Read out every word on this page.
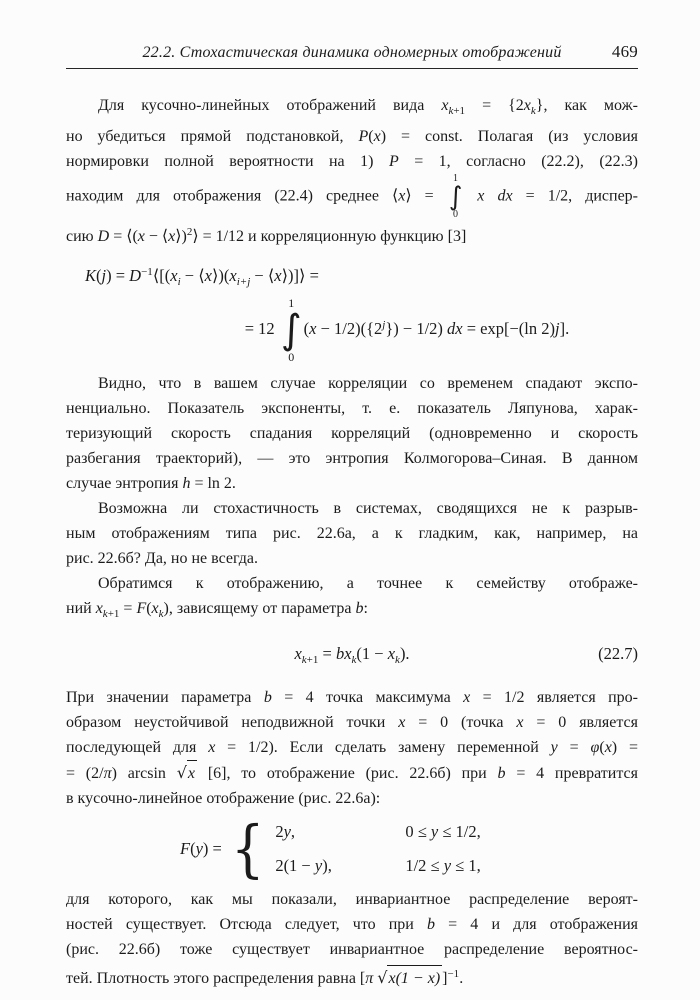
22.2. Стохастическая динамика одномерных отображений	469
Для кусочно-линейных отображений вида $x_{k+1} = \{2x_k\}$, как мож-
но убедиться прямой подстановкой, P(x) = const. Полагая (из условия
нормировки полной вероятности на 1) P = 1, согласно (22.2), (22.3)
находим для отображения (22.4) среднее ⟨x⟩ =
1
∫
0
x dx = 1/2, диспер-
сию D = ⟨(x − ⟨x⟩)$^2$⟩ = 1/12 и корреляционную функцию [3]
$K(j) = D^{-1}⟨[(x_i$ − $⟨x⟩)(x_{i+j}$ − ⟨x⟩)]⟩ =
= 12
1
∫
0
$(x - 1/2)(\{2^j\}) - 1/2$) dx = exp[−(ln 2)j].
Видно, что в вашем случае корреляции со временем спадают экспо-
ненциально. Показатель экспоненты, т. е. показатель Ляпунова, харак-
теризующий скорость спадания корреляций (одновременно и скорость
разбегания траекторий), — это энтропия Колмогорова–Синая. В данном
случае энтропия h = ln 2.
Возможна ли стохастичность в системах, сводящихся не к разрыв-
ным отображениям типа рис. 22.6а, а к гладким, как, например, на
рис. 22.6б? Да, но не всегда.
Обратимся к отображению, а точнее к семейству отображе-
ний $x_{k+1} = F(x_k)$, зависящему от параметра b:
$x_{k+1} = bx_k(1 - x_k)$.	(22.7)
При значении параметра b = 4 точка максимума x = 1/2 является про-
образом неустойчивой неподвижной точки x = 0 (точка x = 0 является
последующей для x = 1/2). Если сделать замену переменной y = φ(x) =
= (2/π) arcsin √ x [6], то отображение (рис. 22.6б) при b = 4 превратится
в кусочно-линейное отображение (рис. 22.6а):
F(y) = { 2y,	0 ≤ y ≤ 1/2,
2(1 − y),	1/2 ≤ y ≤ 1,
для которого, как мы показали, инвариантное распределение вероят-
ностей существует. Отсюда следует, что при b = 4 и для отображения
(рис. 22.6б) тоже существует инвариантное распределение вероятнос-
тей. Плотность этого распределения равна [π √ x(1 − x) ]$^{-1}$.
